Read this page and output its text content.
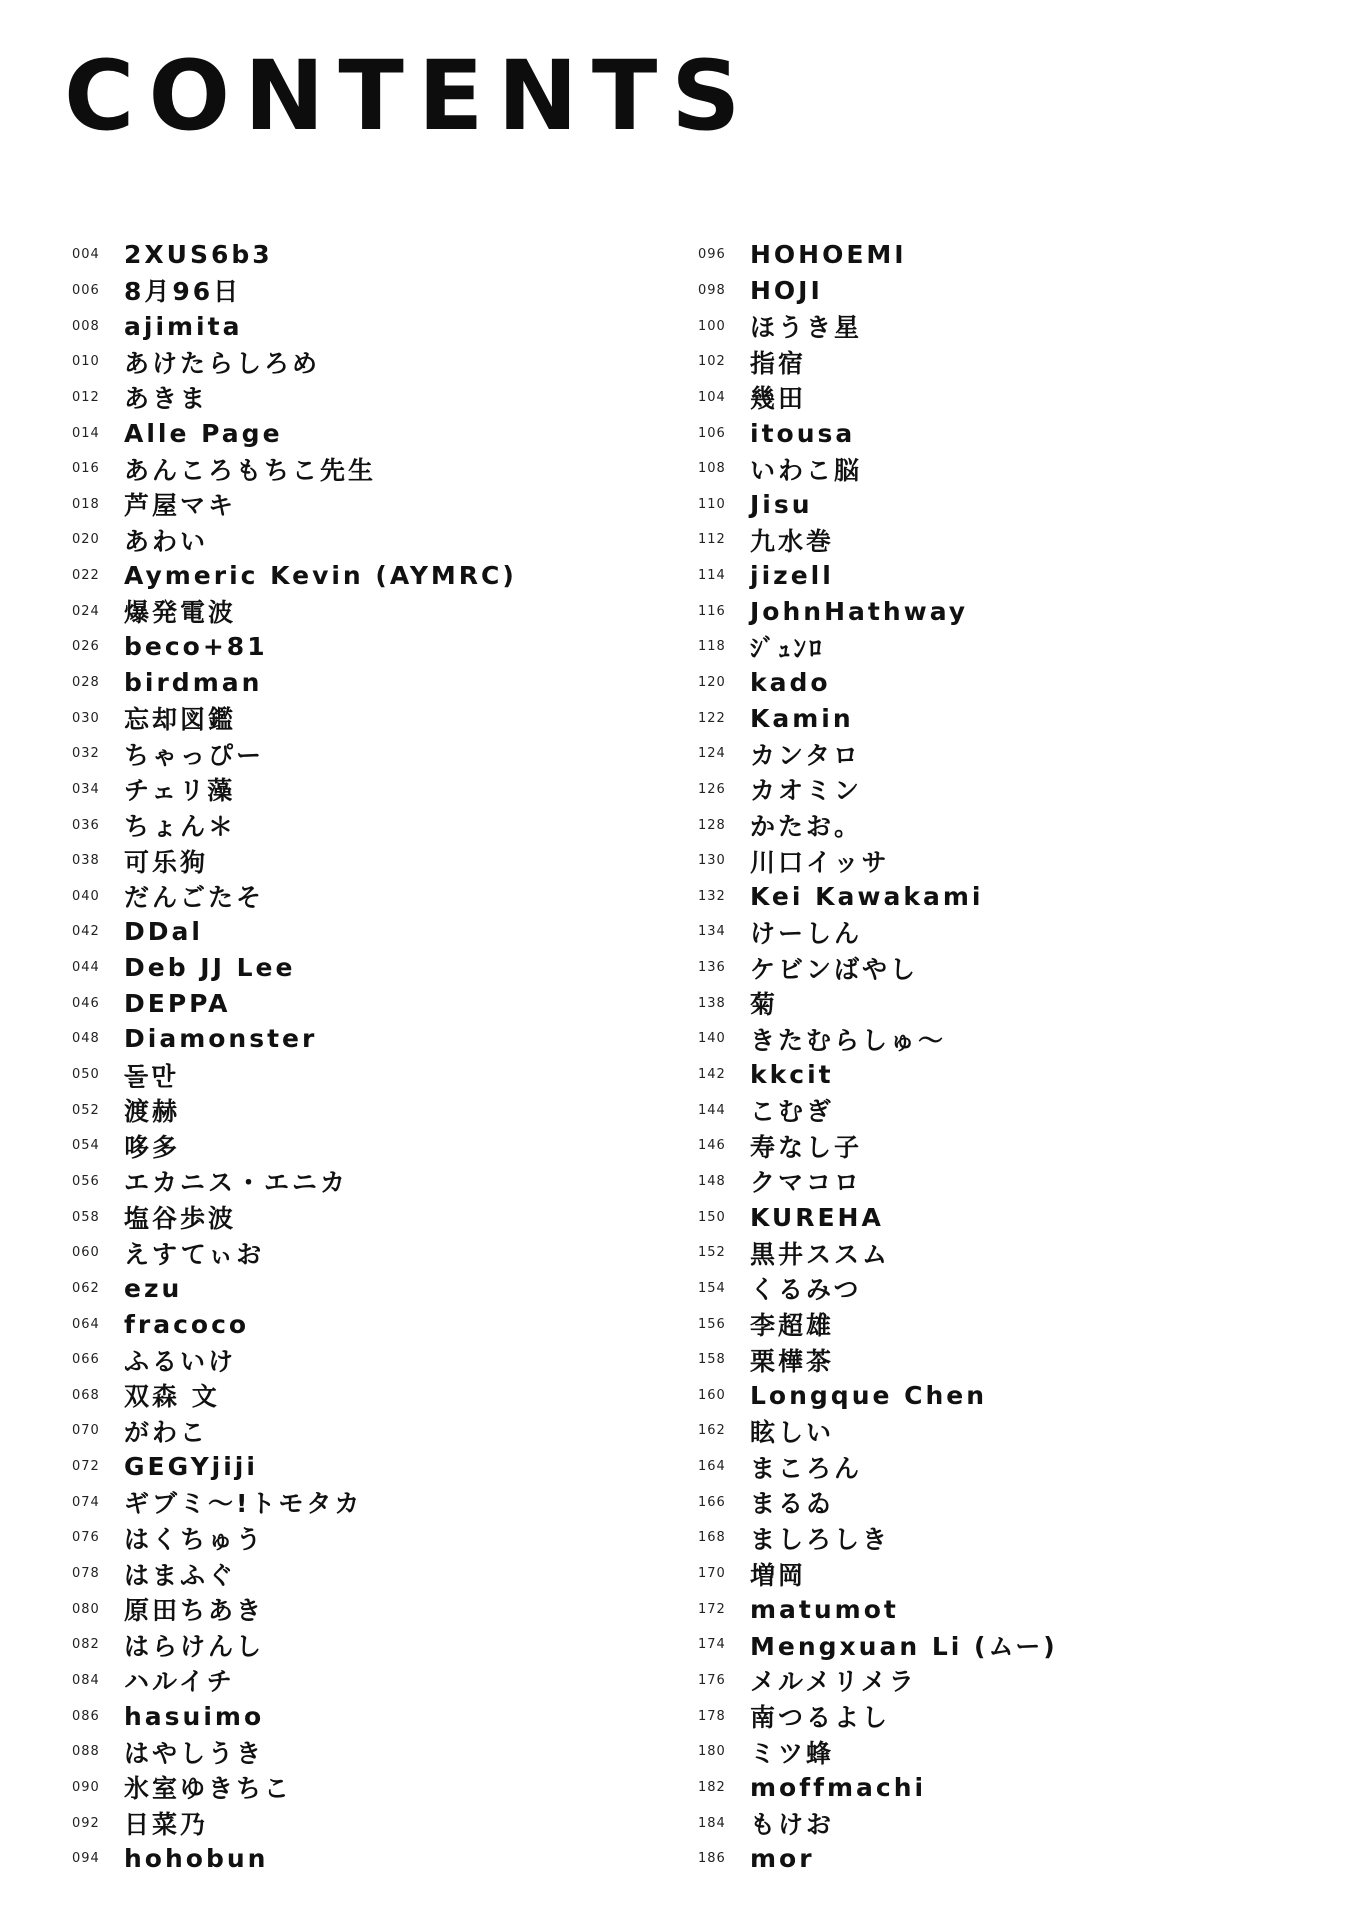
CONTENTS
004 2XUS6b3
006 8月96日
008 ajimita
010 あけたらしろめ
012 あきま
014 Alle Page
016 あんころもちこ先生
018 芦屋マキ
020 あわい
022 Aymeric Kevin (AYMRC)
024 爆発電波
026 beco+81
028 birdman
030 忘却図鑑
032 ちゃっぴー
034 チェリ藻
036 ちょん＊
038 可乐狗
040 だんごたそ
042 DDal
044 Deb JJ Lee
046 DEPPA
048 Diamonster
050 돌만
052 渡赫
054 哆多
056 エカニス・エニカ
058 塩谷歩波
060 えすてぃお
062 ezu
064 fracoco
066 ふるいけ
068 双森 文
070 がわこ
072 GEGYjiji
074 ギブミ～!トモタカ
076 はくちゅう
078 はまふぐ
080 原田ちあき
082 はらけんし
084 ハルイチ
086 hasuimo
088 はやしうき
090 氷室ゆきちこ
092 日菜乃
094 hohobun
096 HOHOEMI
098 HOJI
100 ほうき星
102 指宿
104 幾田
106 itousa
108 いわこ脳
110 Jisu
112 九水巻
114 jizell
116 JohnHathway
118 ｼﾞｭﾝﾛ
120 kado
122 Kamin
124 カンタロ
126 カオミン
128 かたお。
130 川口イッサ
132 Kei Kawakami
134 けーしん
136 ケビンばやし
138 菊
140 きたむらしゅ～
142 kkcit
144 こむぎ
146 寿なし子
148 クマコロ
150 KUREHA
152 黒井ススム
154 くるみつ
156 李超雄
158 栗樺茶
160 Longque Chen
162 眩しい
164 まころん
166 まるゐ
168 ましろしき
170 増岡
172 matumot
174 Mengxuan Li (ムー)
176 メルメリメラ
178 南つるよし
180 ミツ蜂
182 moffmachi
184 もけお
186 mor
